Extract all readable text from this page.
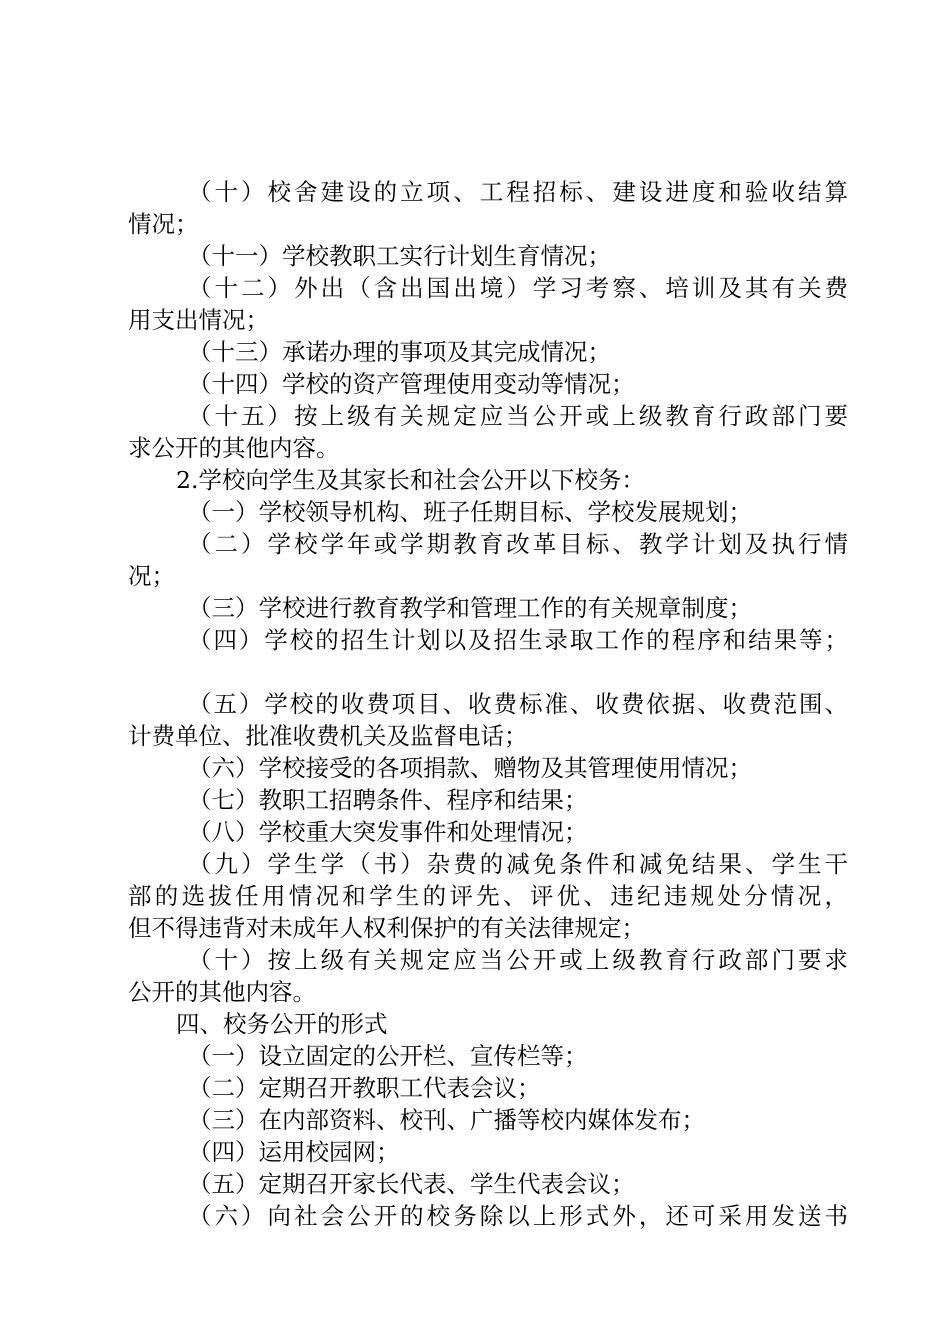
（十）校舍建设的立项、工程招标、建设进度和验收结算
情况；
（十一）学校教职工实行计划生育情况；
（十二）外出（含出国出境）学习考察、培训及其有关费
用支出情况；
（十三）承诺办理的事项及其完成情况；
（十四）学校的资产管理使用变动等情况；
（十五）按上级有关规定应当公开或上级教育行政部门要
求公开的其他内容。
2.学校向学生及其家长和社会公开以下校务：
（一）学校领导机构、班子任期目标、学校发展规划；
（二）学校学年或学期教育改革目标、教学计划及执行情
况；
（三）学校进行教育教学和管理工作的有关规章制度；
（四）学校的招生计划以及招生录取工作的程序和结果等；
（五）学校的收费项目、收费标准、收费依据、收费范围、
计费单位、批准收费机关及监督电话；
（六）学校接受的各项捐款、赠物及其管理使用情况；
（七）教职工招聘条件、程序和结果；
（八）学校重大突发事件和处理情况；
（九）学生学（书）杂费的减免条件和减免结果、学生干
部的选拔任用情况和学生的评先、评优、违纪违规处分情况，
但不得违背对未成年人权利保护的有关法律规定；
（十）按上级有关规定应当公开或上级教育行政部门要求
公开的其他内容。
四、校务公开的形式
（一）设立固定的公开栏、宣传栏等；
（二）定期召开教职工代表会议；
（三）在内部资料、校刊、广播等校内媒体发布；
（四）运用校园网；
（五）定期召开家长代表、学生代表会议；
（六）向社会公开的校务除以上形式外，还可采用发送书
